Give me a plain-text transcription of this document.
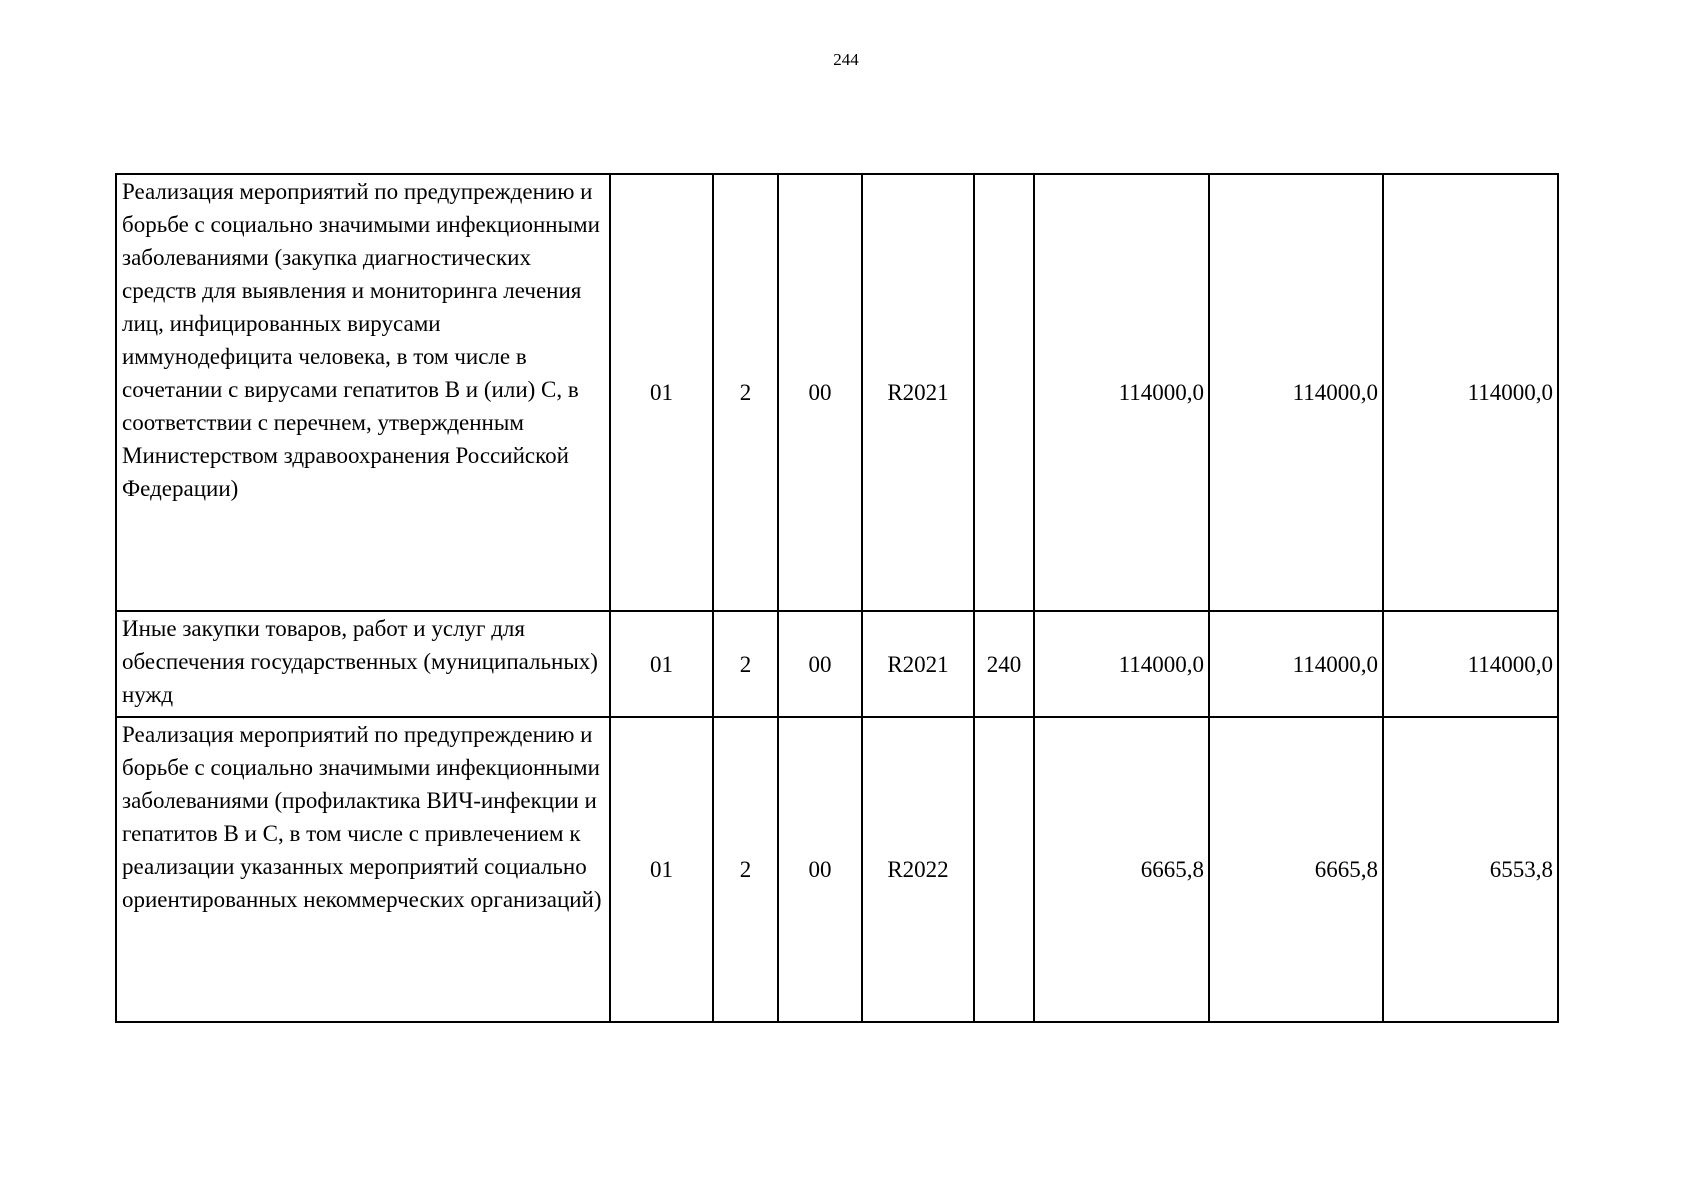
244
Реализация мероприятий по предупреждению и борьбе с социально значимыми инфекционными заболеваниями (закупка диагностических средств для выявления и мониторинга лечения лиц, инфицированных вирусами иммунодефицита человека, в том числе в сочетании с вирусами гепатитов В и (или) С, в соответствии с перечнем, утвержденным Министерством здравоохранения Российской Федерации)	01	2	00	R2021		114000,0	114000,0	114000,0
Иные закупки товаров, работ и услуг для обеспечения государственных (муниципальных) нужд	01	2	00	R2021	240	114000,0	114000,0	114000,0
Реализация мероприятий по предупреждению и борьбе с социально значимыми инфекционными заболеваниями (профилактика ВИЧ-инфекции и гепатитов В и С, в том числе с привлечением к реализации указанных мероприятий социально ориентированных некоммерческих организаций)	01	2	00	R2022		6665,8	6665,8	6553,8
